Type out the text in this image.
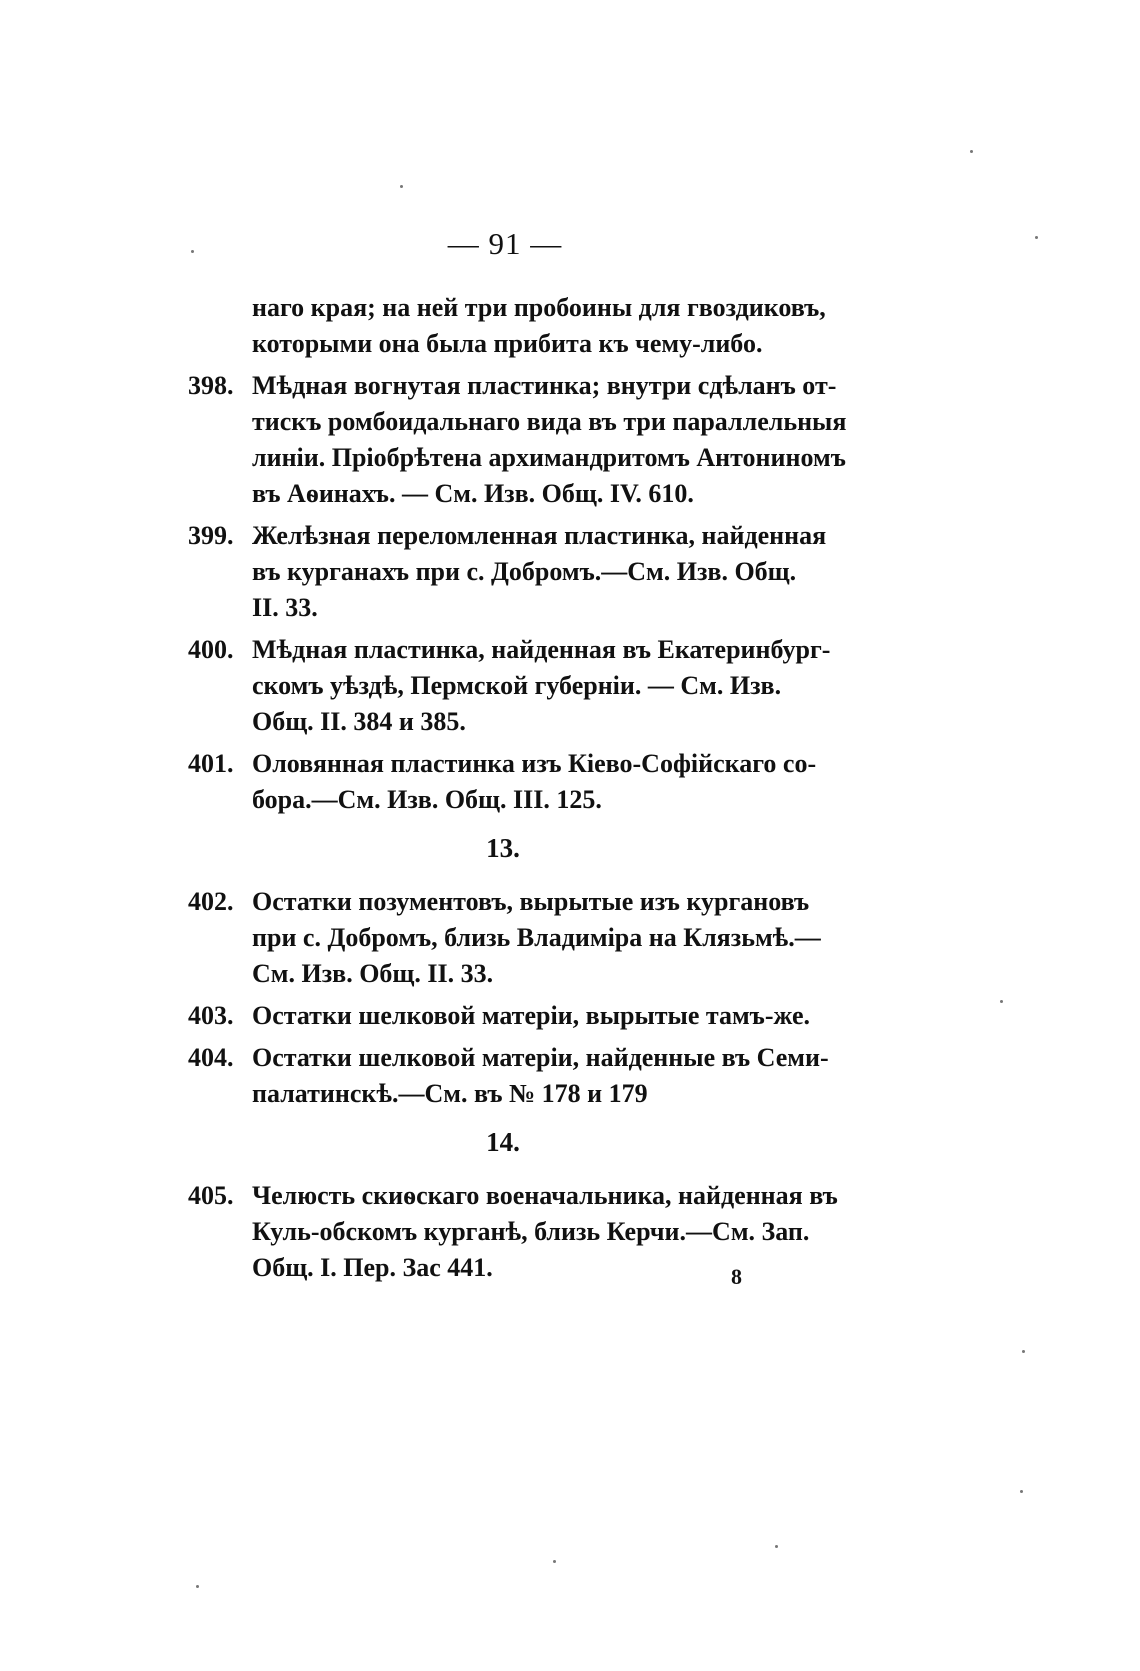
— 91 —
наго края; на ней три пробоины для гвоздиковъ,
которыми она была прибита къ чему-либо.
398. Мѣдная вогнутая пластинка; внутри сдѣланъ от-
тискъ ромбоидальнаго вида въ три параллельныя
линіи. Пріобрѣтена архимандритомъ Антониномъ
въ Аѳинахъ. — См. Изв. Общ. IV. 610.
399. Желѣзная переломленная пластинка, найденная
въ курганахъ при с. Добромъ.—См. Изв. Общ.
II. 33.
400. Мѣдная пластинка, найденная въ Екатеринбург-
скомъ уѣздѣ, Пермской губерніи. — См. Изв.
Общ. II. 384 и 385.
401. Оловянная пластинка изъ Кіево-Софійскаго со-
бора.—См. Изв. Общ. III. 125.
13.
402. Остатки позументовъ, вырытые изъ кургановъ
при с. Добромъ, близь Владиміра на Клязьмѣ.—
См. Изв. Общ. II. 33.
403. Остатки шелковой матеріи, вырытые тамъ-же.
404. Остатки шелковой матеріи, найденные въ Семи-
палатинскѣ.—См. въ № 178 и 179
14.
405. Челюсть скиѳскаго военачальника, найденная въ
Куль-обскомъ курганѣ, близь Керчи.—См. Зап.
Общ. I. Пер. Зас 441.	8
